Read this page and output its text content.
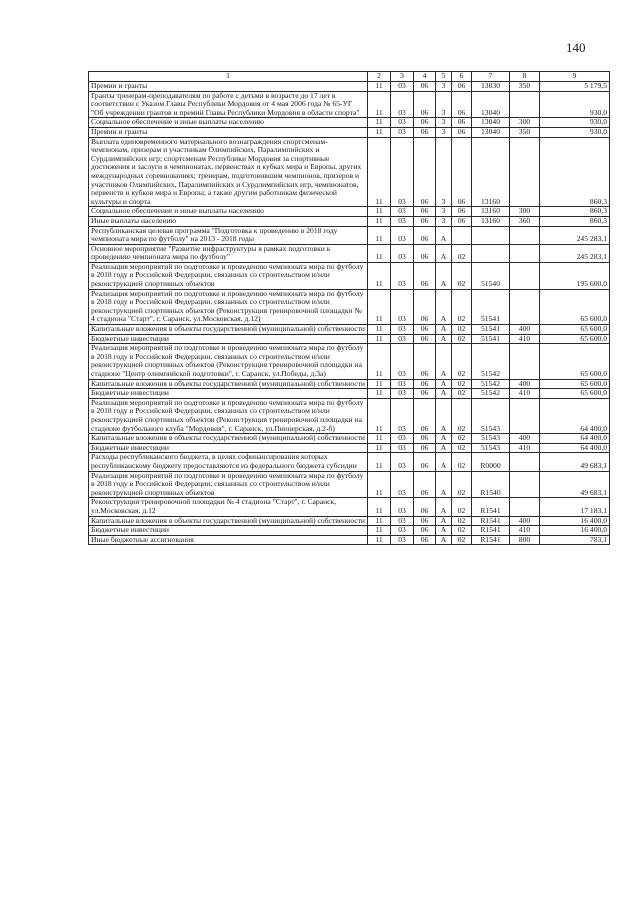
140
1	2	3	4	5	6	7	8	9
Премии и гранты	11	03	06	3	06	13030	350	5 179,5
Гранты тренерам-преподавателям по работе с детьми в возрасте до 17 лет в соответствии с Указом Главы Республики Мордовия от 4 мая 2006 года № 65-УГ "Об учреждении грантов и премий Главы Республики Мордовия в области спорта"	11	03	06	3	06	13040		930,0
Социальное обеспечение и иные выплаты населению	11	03	06	3	06	13040	300	930,0
Премии и гранты	11	03	06	3	06	13040	350	930,0
Выплата единовременного материального вознаграждения спортсменам-чемпионам, призерам и участникам Олимпийских, Паралимпийских и Сурдлимпийских игр; спортсменам Республики Мордовия за спортивные достижения и заслуги в чемпионатах, первенствах и кубках мира и Европы, других международных соревнованиях; тренерам, подготовившим чемпионов, призеров и участников Олимпийских, Паралимпийских и Сурдлимпийских игр, чемпионатов, первенств и кубков мира и Европы, а также другим работникам физической культуры и спорта	11	03	06	3	06	13160		860,3
Социальное обеспечение и иные выплаты населению	11	03	06	3	06	13160	300	860,3
Иные выплаты населению	11	03	06	3	06	13160	360	860,3
Республиканская целевая программа "Подготовка к проведению в 2018 году чемпионата мира по футболу" на 2013 - 2018 годы	11	03	06	А				245 283,1
Основное мероприятие "Развитие инфраструктуры в рамках подготовки к проведению чемпионата мира по футболу"	11	03	06	А	02			245 283,1
Реализация мероприятий по подготовке и проведению чемпионата мира по футболу в 2018 году в Российской Федерации, связанных со строительством и/или реконструкцией спортивных объектов	11	03	06	А	02	51540		195 600,0
Реализация мероприятий по подготовке и проведению чемпионата мира по футболу в 2018 году в Российской Федерации, связанных со строительством и/или реконструкцией спортивных объектов (Реконструкция тренировочной площадки № 4 стадиона "Старт", г. Саранск, ул.Московская, д.12)	11	03	06	А	02	51541		65 600,0
Капитальные вложения в объекты государственной (муниципальной) собственности	11	03	06	А	02	51541	400	65 600,0
Бюджетные инвестиции	11	03	06	А	02	51541	410	65 600,0
Реализация мероприятий по подготовке и проведению чемпионата мира по футболу в 2018 году в Российской Федерации, связанных со строительством и/или реконструкцией спортивных объектов (Реконструкция тренировочной площадки на стадионе "Центр олимпийской подготовки", г. Саранск, ул.Победы, д.3а)	11	03	06	А	02	51542		65 600,0
Капитальные вложения в объекты государственной (муниципальной) собственности	11	03	06	А	02	51542	400	65 600,0
Бюджетные инвестиции	11	03	06	А	02	51542	410	65 600,0
Реализация мероприятий по подготовке и проведению чемпионата мира по футболу в 2018 году в Российской Федерации, связанных со строительством и/или реконструкцией спортивных объектов (Реконструкция тренировочной площадки на стадионе футбольного клуба "Мордовия", г. Саранск, ул.Пионерская, д.2-б)	11	03	06	А	02	51543		64 400,0
Капитальные вложения в объекты государственной (муниципальной) собственности	11	03	06	А	02	51543	400	64 400,0
Бюджетные инвестиции	11	03	06	А	02	51543	410	64 400,0
Расходы республиканского бюджета, в целях софинансирования которых республиканскому бюджету предоставляются из федерального бюджета субсидии	11	03	06	А	02	R0000		49 683,1
Реализация мероприятий по подготовке и проведению чемпионата мира по футболу в 2018 году в Российской Федерации, связанных со строительством и/или реконструкцией спортивных объектов	11	03	06	А	02	R1540		49 683,1
Реконструкция тренировочной площадки № 4 стадиона "Старт", г. Саранск, ул.Московская, д.12	11	03	06	А	02	R1541		17 183,1
Капитальные вложения в объекты государственной (муниципальной) собственности	11	03	06	А	02	R1541	400	16 400,0
Бюджетные инвестиции	11	03	06	А	02	R1541	410	16 400,0
Иные бюджетные ассигнования	11	03	06	А	02	R1541	800	783,1
